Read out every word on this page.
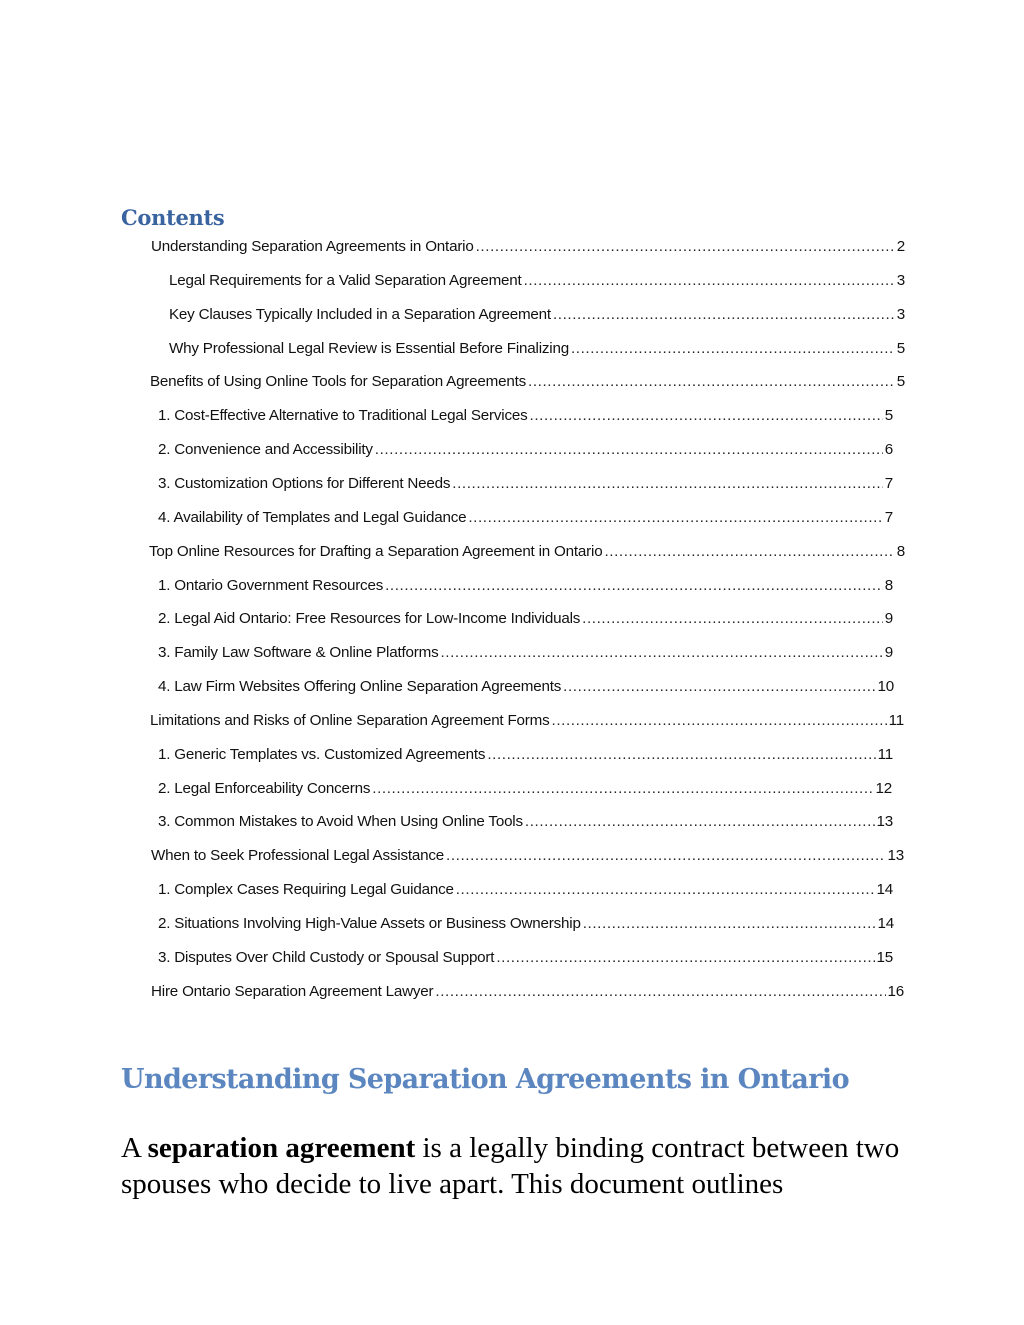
Contents
Understanding Separation Agreements in Ontario .....	2
Legal Requirements for a Valid Separation Agreement .....	3
Key Clauses Typically Included in a Separation Agreement .....	3
Why Professional Legal Review is Essential Before Finalizing .....	5
Benefits of Using Online Tools for Separation Agreements .....	5
1. Cost-Effective Alternative to Traditional Legal Services .....	5
2. Convenience and Accessibility .....	6
3. Customization Options for Different Needs .....	7
4. Availability of Templates and Legal Guidance .....	7
Top Online Resources for Drafting a Separation Agreement in Ontario .....	8
1. Ontario Government Resources .....	8
2. Legal Aid Ontario: Free Resources for Low-Income Individuals .....	9
3. Family Law Software & Online Platforms .....	9
4. Law Firm Websites Offering Online Separation Agreements .....	10
Limitations and Risks of Online Separation Agreement Forms .....	11
1. Generic Templates vs. Customized Agreements .....	11
2. Legal Enforceability Concerns .....	12
3. Common Mistakes to Avoid When Using Online Tools .....	13
When to Seek Professional Legal Assistance .....	13
1. Complex Cases Requiring Legal Guidance .....	14
2. Situations Involving High-Value Assets or Business Ownership .....	14
3. Disputes Over Child Custody or Spousal Support .....	15
Hire Ontario Separation Agreement Lawyer .....	16
Understanding Separation Agreements in Ontario

A separation agreement is a legally binding contract between two spouses who decide to live apart. This document outlines
